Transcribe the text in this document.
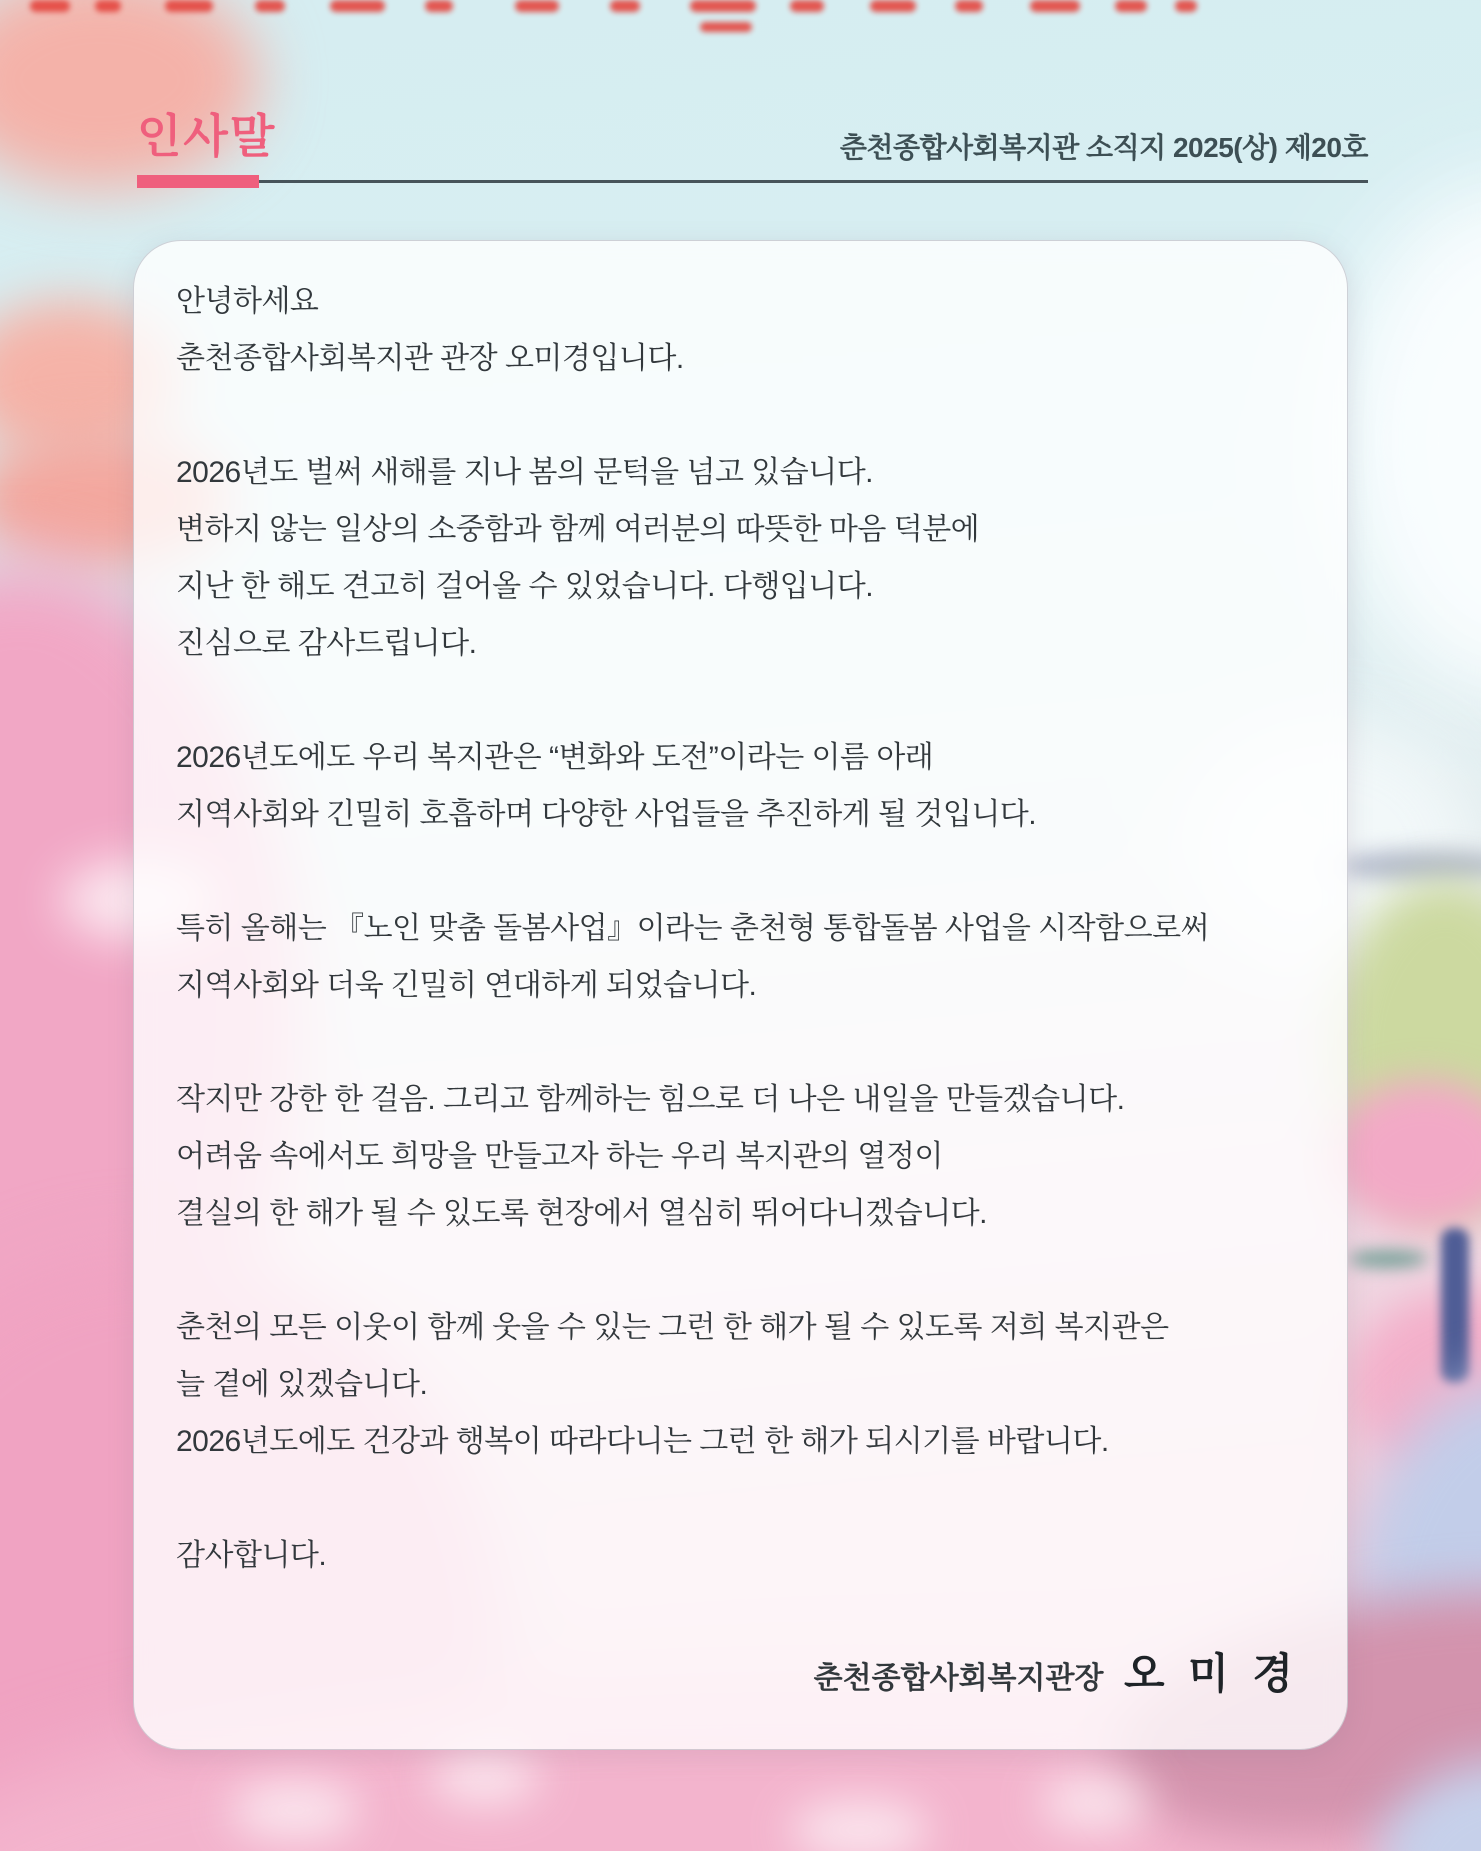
인사말	춘천종합사회복지관 소직지 2025(상) 제20호

안녕하세요
춘천종합사회복지관 관장 오미경입니다.

2026년도 벌써 새해를 지나 봄의 문턱을 넘고 있습니다.
변하지 않는 일상의 소중함과 함께 여러분의 따뜻한 마음 덕분에
지난 한 해도 견고히 걸어올 수 있었습니다. 다행입니다.
진심으로 감사드립니다.

2026년도에도 우리 복지관은 “변화와 도전”이라는 이름 아래
지역사회와 긴밀히 호흡하며 다양한 사업들을 추진하게 될 것입니다.

특히 올해는 『노인 맞춤 돌봄사업』이라는 춘천형 통합돌봄 사업을 시작함으로써
지역사회와 더욱 긴밀히 연대하게 되었습니다.

작지만 강한 한 걸음. 그리고 함께하는 힘으로 더 나은 내일을 만들겠습니다.
어려움 속에서도 희망을 만들고자 하는 우리 복지관의 열정이
결실의 한 해가 될 수 있도록 현장에서 열심히 뛰어다니겠습니다.

춘천의 모든 이웃이 함께 웃을 수 있는 그런 한 해가 될 수 있도록 저희 복지관은
늘 곁에 있겠습니다.
2026년도에도 건강과 행복이 따라다니는 그런 한 해가 되시기를 바랍니다.

감사합니다.

춘천종합사회복지관장 오 미 경
